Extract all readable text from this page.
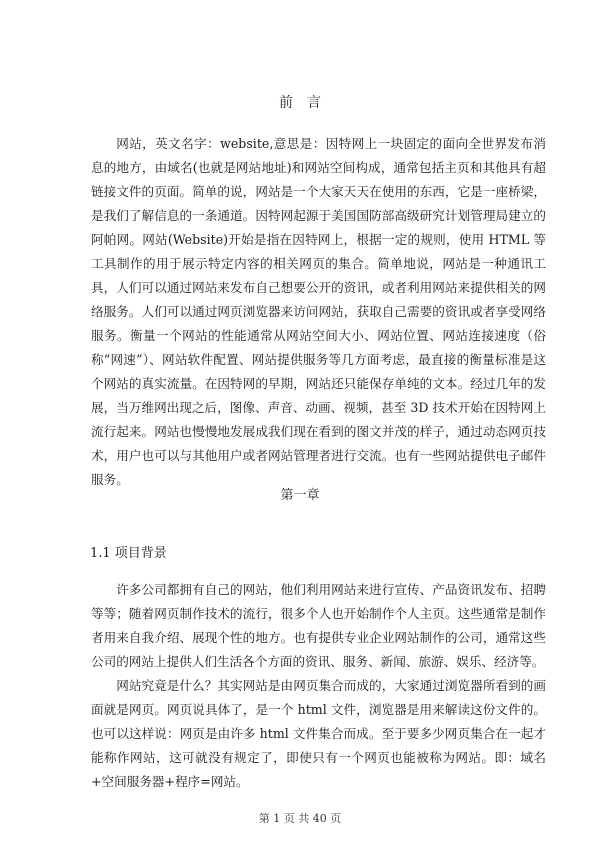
前言

网站，英文名字：website,意思是：因特网上一块固定的面向全世界发布消息的地方，由域名(也就是网站地址)和网站空间构成，通常包括主页和其他具有超链接文件的页面。简单的说，网站是一个大家天天在使用的东西，它是一座桥梁，是我们了解信息的一条通道。因特网起源于美国国防部高级研究计划管理局建立的阿帕网。网站(Website)开始是指在因特网上，根据一定的规则，使用 HTML 等工具制作的用于展示特定内容的相关网页的集合。简单地说，网站是一种通讯工具，人们可以通过网站来发布自己想要公开的资讯，或者利用网站来提供相关的网络服务。人们可以通过网页浏览器来访问网站，获取自己需要的资讯或者享受网络服务。衡量一个网站的性能通常从网站空间大小、网站位置、网站连接速度（俗称“网速”）、网站软件配置、网站提供服务等几方面考虑，最直接的衡量标准是这个网站的真实流量。在因特网的早期，网站还只能保存单纯的文本。经过几年的发展，当万维网出现之后，图像、声音、动画、视频，甚至 3D 技术开始在因特网上流行起来。网站也慢慢地发展成我们现在看到的图文并茂的样子，通过动态网页技术，用户也可以与其他用户或者网站管理者进行交流。也有一些网站提供电子邮件服务。

第一章
1.1 项目背景

许多公司都拥有自己的网站，他们利用网站来进行宣传、产品资讯发布、招聘等等；随着网页制作技术的流行，很多个人也开始制作个人主页。这些通常是制作者用来自我介绍、展现个性的地方。也有提供专业企业网站制作的公司，通常这些公司的网站上提供人们生活各个方面的资讯、服务、新闻、旅游、娱乐、经济等。

网站究竟是什么？其实网站是由网页集合而成的，大家通过浏览器所看到的画面就是网页。网页说具体了，是一个 html 文件，浏览器是用来解读这份文件的。也可以这样说：网页是由许多 html 文件集合而成。至于要多少网页集合在一起才能称作网站，这可就没有规定了，即使只有一个网页也能被称为网站。即：域名+空间服务器+程序=网站。

第 1 页 共 40 页
